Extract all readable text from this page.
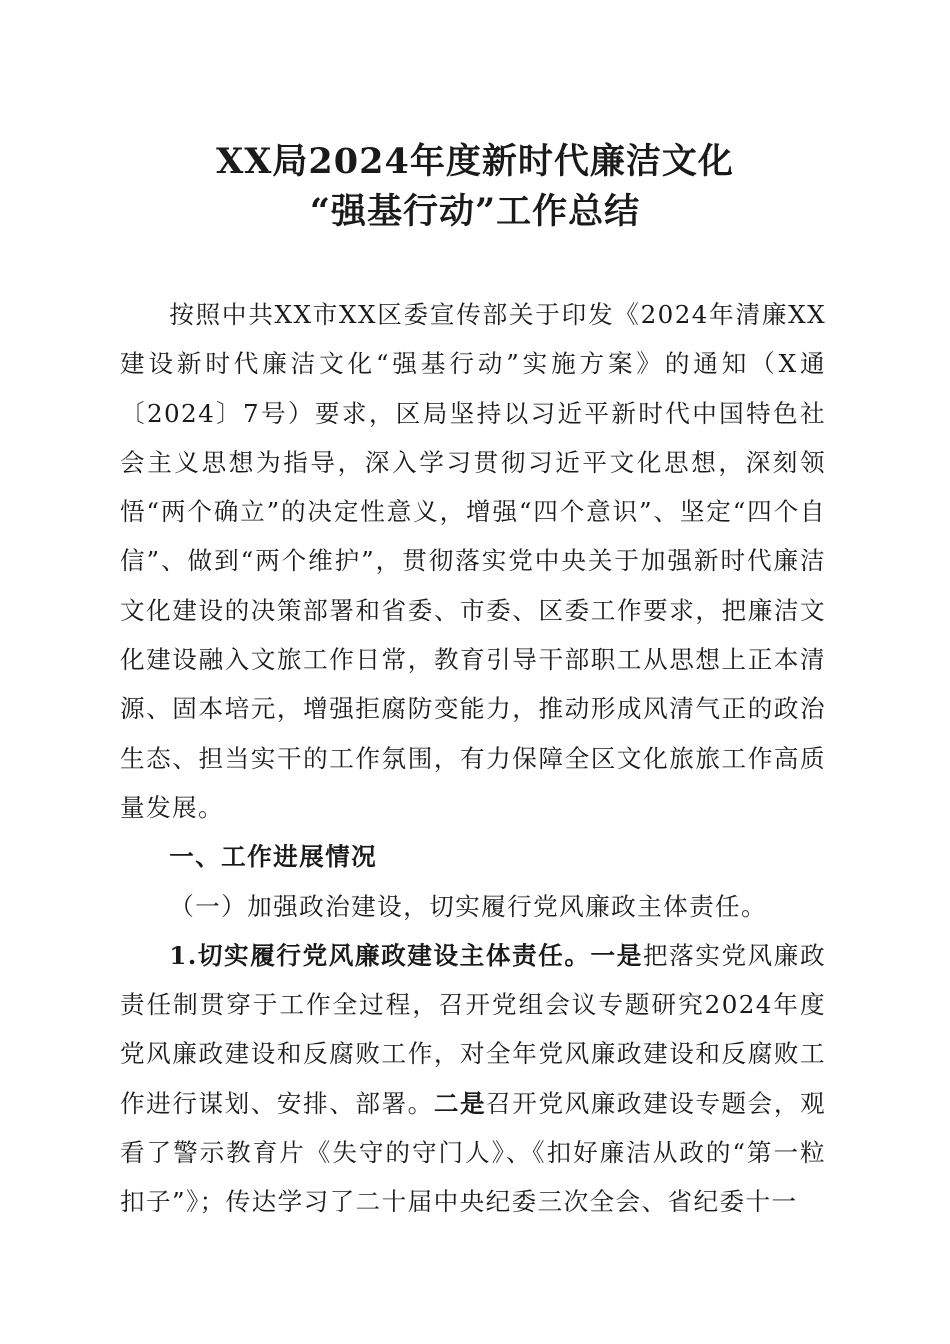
XX局2024年度新时代廉洁文化
“强基行动”工作总结

按照中共XX市XX区委宣传部关于印发《2024年清廉XX建设新时代廉洁文化“强基行动”实施方案》的通知（X通〔2024〕7号）要求，区局坚持以习近平新时代中国特色社会主义思想为指导，深入学习贯彻习近平文化思想，深刻领悟“两个确立”的决定性意义，增强“四个意识”、坚定“四个自信”、做到“两个维护”，贯彻落实党中央关于加强新时代廉洁文化建设的决策部署和省委、市委、区委工作要求，把廉洁文化建设融入文旅工作日常，教育引导干部职工从思想上正本清源、固本培元，增强拒腐防变能力，推动形成风清气正的政治生态、担当实干的工作氛围，有力保障全区文化旅旅工作高质量发展。

一、工作进展情况

（一）加强政治建设，切实履行党风廉政主体责任。

1.切实履行党风廉政建设主体责任。一是把落实党风廉政责任制贯穿于工作全过程，召开党组会议专题研究2024年度党风廉政建设和反腐败工作，对全年党风廉政建设和反腐败工作进行谋划、安排、部署。二是召开党风廉政建设专题会，观看了警示教育片《失守的守门人》、《扣好廉洁从政的“第一粒扣子”》；传达学习了二十届中央纪委三次全会、省纪委十一
